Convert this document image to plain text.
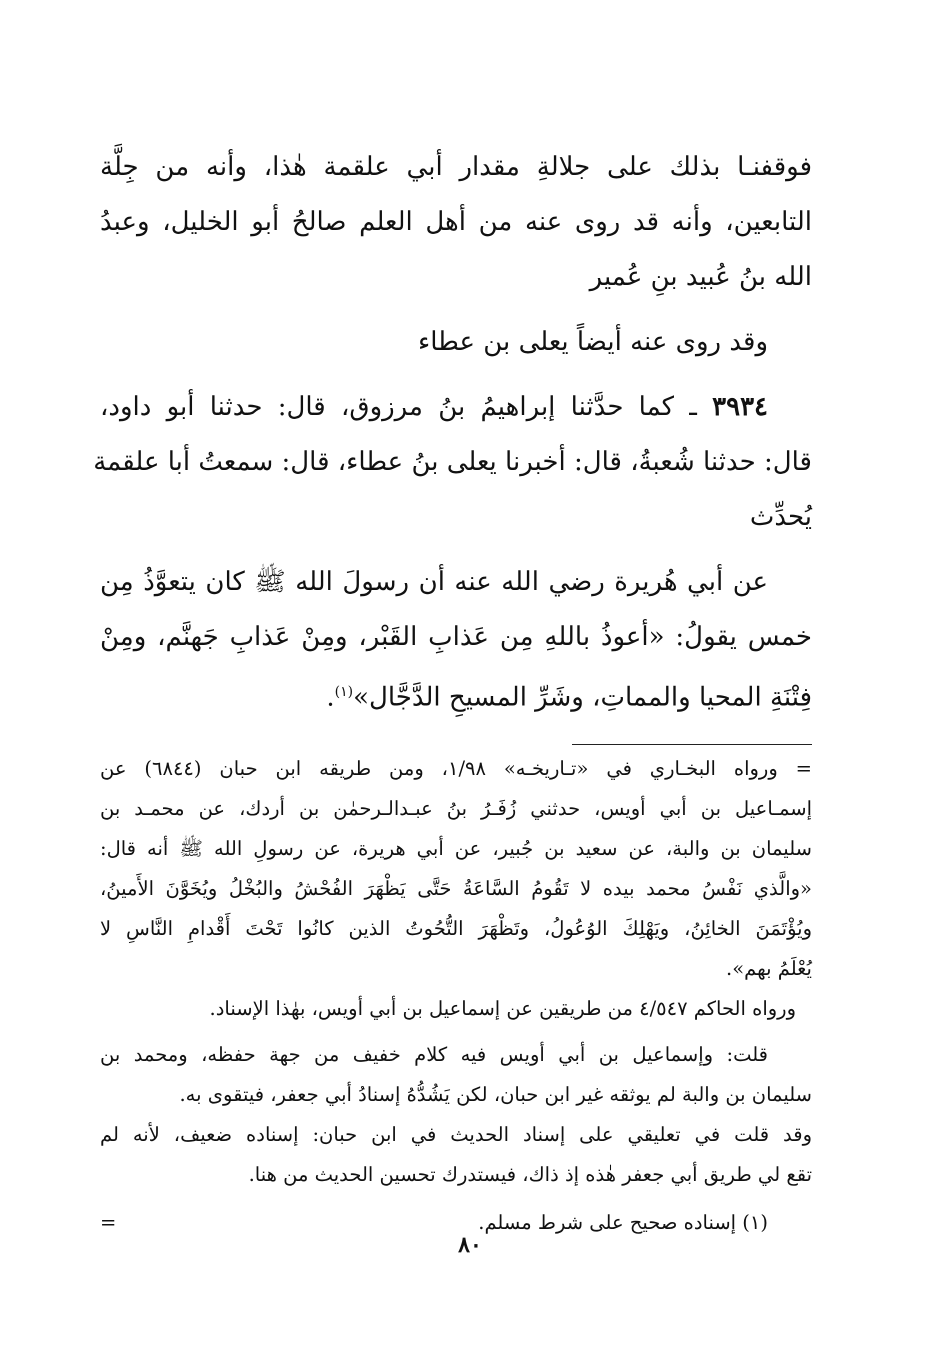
فوقفنـا بذلك على جلالةِ مقدار أبي علقمة هٰذا، وأنه من جِلَّة

التابعين، وأنه قد روى عنه من أهل العلم صالحُ أبو الخليل، وعبدُ

الله بنُ عُبيد بنِ عُمير

وقد روى عنه أيضاً يعلى بن عطاء

٣٩٣٤ ـ كما حدَّثنا إبراهيمُ بنُ مرزوق، قال: حدثنا أبو داود،

قال: حدثنا شُعبةُ، قال: أخبرنا يعلى بنُ عطاء، قال: سمعتُ أبا علقمة

يُحدِّث

عن أبي هُريرة رضي الله عنه أن رسولَ الله ﷺ كان يتعوَّذُ مِن

خمس يقولُ: «أعوذُ باللهِ مِن عَذابِ القَبْر، ومِنْ عَذابِ جَهنَّم، ومِنْ

فِتْنَةِ المحيا والمماتِ، وشَرِّ المسيحِ الدَّجَّال»$^{(١)}$.

= ورواه البخـاري في «تـاريخـه» ١/٩٨، ومن طريقه ابن حبان (٦٨٤٤) عن

إسمـاعيل بن أبي أويس، حدثني زُفَـرُ بنُ عبـدالـرحمٰن بن أردك، عن محمـد بن

سليمان بن والبة، عن سعيد بن جُبير، عن أبي هريرة، عن رسولِ الله ﷺ أنه قال:

«والَّذي نَفْسُ محمد بيده لا تَقُومُ السَّاعَةُ حَتَّى يَظْهَرَ الفُحْشُ والبُخْلُ ويُخَوَّنَ الأَمينُ،

ويُؤْتَمَنَ الخائِنُ، ويَهْلِكَ الوُعُولُ، وتَظْهَرَ التُّحُوتُ الذين كانُوا تَحْتَ أَقْدامِ النَّاسِ لا

يُعْلَمُ بهم».

ورواه الحاكم ٤/٥٤٧ من طريقين عن إسماعيل بن أبي أويس، بهٰذا الإسناد.

قلت: وإسماعيل بن أبي أويس فيه كلام خفيف من جهة حفظه، ومحمد بن

سليمان بن والبة لم يوثقه غير ابن حبان، لكن يَشُدُّهُ إسنادُ أبي جعفر، فيتقوى به.

وقد قلت في تعليقي على إسناد الحديث في ابن حبان: إسناده ضعيف، لأنه لم

تقع لي طريق أبي جعفر هٰذه إذ ذاك، فيستدرك تحسين الحديث من هنا.

(١) إسناده صحيح على شرط مسلم.
=
٨٠
